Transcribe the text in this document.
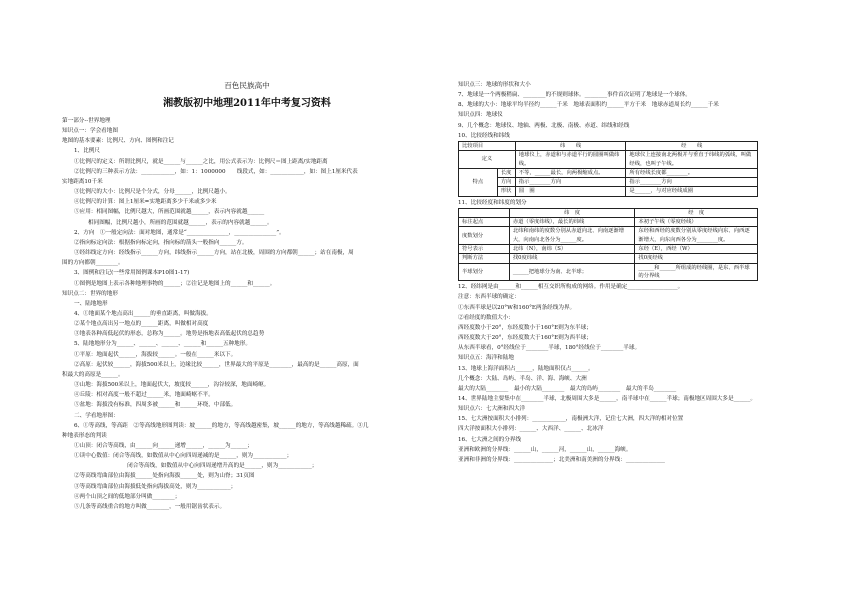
百色民族高中
湘教版初中地理2011年中考复习资料
第一部分--世界地理
知识点一：学会看地图
地图的基本要素：比例尺、方向、图例和注记
1、比例尺
①比例尺的定义：所谓比例尺，就是______与______之比，用公式表示为：比例尺＝图上距离/实地距离
②比例尺的三种表示方法：____________，如：1：1000000　　线段式，如：____________，如：图上1厘米代表
实地距离10千米
③比例尺的大小：比例尺是个分式，分母______，比例尺越小。
④比例尺的计算：图上1厘米=实地距离多少千米或多少米
⑤应用：相同图幅，比例尺越大，所画范围就越______，表示内容就越______
相同图幅，比例尺越小，所画的范围就越______，表示的内容就越______。
2、方向　①一般定向法：面对地图，通常是“_______________，_______________”。
②指向标定向法：根据指向标定向，指向标的箭头一般指向______方。
③经纬线定方向：经线指示______方向，纬线指示______方向，站在北极，周围的方向都朝______；站在南极，周
围的方向都朝________。
3、图例和注记(一些常用图例课本P10图1-17)
①图例是地图上表示各种地理事物的______；②注记是地图上的______和______。
知识点二：世界的地形
一、陆地地形
4、①地面某个地点高出______的垂直距离，叫做海拔。
②某个地点高出另一地点的______距离，叫做相对高度
③地表各种高低起伏的形态，总称为______。地势是指地表高低起伏的总趋势
5、陆地地形分为______、______、______、______和______五种地形。
①平原：地面起伏______，海拔较______。一般在______米以下。
②高原：起伏较______，海拔500米以上，边缘比较______，世界最大的平原是________，最高的是______高原，面
积最大的高原是______。
③山地：海拔500米以上，地面起伏大，坡度较______，沟谷较深，地面崎岖。
④丘陵：相对高度一般不超过______米，地面崎岖不平。
⑤盆地：海拔没有标准，四周多被______和______环绕，中部低。
二、学看地形图：
6、①等高线，等高距　②等高线地形图判读：坡______的地方，等高线越密集，坡______的地方，等高线越稀疏。③几
种地表形态的判读
①山顶：闭合等高线，由______向______递增______，______为______；
①读中心数值：闭合等高线，如数值从中心向四周递减的是______，则为____________；
　　　　　　　闭合等高线，如数值从中心向四周递增升高的是______，则为____________；
②等高线弯曲部位由海拔______处指向海拔______处，则为山脊；31页图
③等高线弯曲部位由海拔低处指向海拔高处，则为____________；
④两个山顶之间的低地部分叫做________；
⑤几条等高线重合的地方叫做________，一般用锯齿状表示。
知识点三：地球的形状和大小
7、地球是一个两极稍扁、________的不规则球体。________事件首次证明了地球是一个球体。
8、地球的大小：地球平均半径约______千米　地球表面积约______平方千米　地球赤道周长约______千米
知识点四：地球仪
9、几个概念：地球仪、地轴、两极、北极、南极、赤道、纬线和经线
10、比较经线和纬线
比较项目		纬　　线	经　　线
定义		地球仪上，赤道和与赤道平行的圆圈叫做纬线。	地球仪上连接南北两极并与垂直于纬线的弧线，叫做经线，也叫子午线。
特点	长度	不等，______最长，向两极缩成点。	所有经线长度都________。
	方向	指示________方向	指示________方向
	形状	圆　圈	是______，与对应经线成圈
11、比较经度和纬度的划分
	纬　度	经　度
标注起点	赤道（零度纬线），最长的纬线	本初子午线（零度经线）
度数划分	北纬和南纬的度数分别从赤道向北、向南逐渐增大，向南向北各分为______度。	东经和西经的度数分别从零度经线向东、向西逐渐增大，向东向西各分为________度。
符号表示	北纬（N），南纬（S）	东经（E），西经（W）
判断方法	找0度纬线	找0度经线
半球划分	______把地球分为南、北半球；	______和______所组成的经线圈，是东、西半球的分界线
12、经纬网是由______和______相互交织所构成的网络。作用是确定__________________。
注意：东西半球的确定：
①东西半球是以20°W和160°E两条经线为界。
②看经度的数值大小：
西经度数小于20°，东经度数小于160°E则为东半球；
西经度数大于20°，东经度数大于160°E则为西半球；
从东西半球看，0°经线位于________半球，180°经线位于________半球。
知识点五：海洋和陆地
13、地球上海洋面积占______，陆地面积仅占______。
几个概念：大陆、岛屿、半岛、洋、海、海峡、大洲
最大的大陆________　最小的大陆________　最大的岛屿________　最大的半岛________
14、世界陆地主要集中在________半球，北极周围大多是______，南半球中在______半球；南极地区周围大多是______。
知识点六：七大洲和四大洋
15、七大洲按面积大小排列：____________，南极洲大洋，记住七大洲，四大洋的相对位置
四大洋按面积大小排列：______、大西洋、______、北冰洋
16、七大洲之间的分界线
亚洲和欧洲的分界线：______山，______河，______山，______海峡。
亚洲和非洲的分界线：______________；北美洲和南美洲的分界线：______________
